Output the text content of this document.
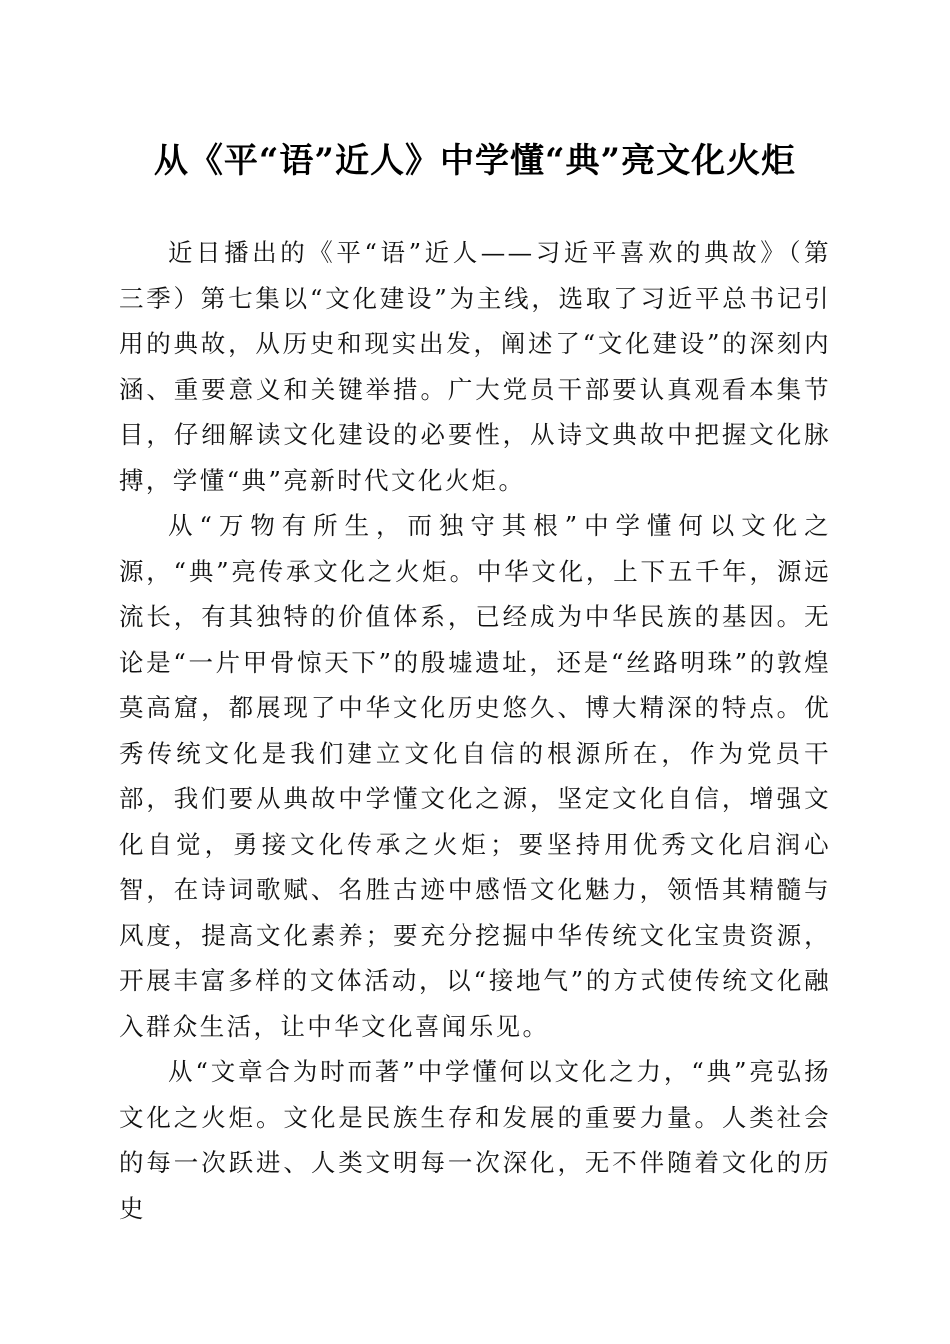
从《平“语”近人》中学懂“典”亮文化火炬

近日播出的《平“语”近人——习近平喜欢的典故》（第三季）第七集以“文化建设”为主线，选取了习近平总书记引用的典故，从历史和现实出发，阐述了“文化建设”的深刻内涵、重要意义和关键举措。广大党员干部要认真观看本集节目，仔细解读文化建设的必要性，从诗文典故中把握文化脉搏，学懂“典”亮新时代文化火炬。

从“万物有所生，而独守其根”中学懂何以文化之源，“典”亮传承文化之火炬。中华文化，上下五千年，源远流长，有其独特的价值体系，已经成为中华民族的基因。无论是“一片甲骨惊天下”的殷墟遗址，还是“丝路明珠”的敦煌莫高窟，都展现了中华文化历史悠久、博大精深的特点。优秀传统文化是我们建立文化自信的根源所在，作为党员干部，我们要从典故中学懂文化之源，坚定文化自信，增强文化自觉，勇接文化传承之火炬；要坚持用优秀文化启润心智，在诗词歌赋、名胜古迹中感悟文化魅力，领悟其精髓与风度，提高文化素养；要充分挖掘中华传统文化宝贵资源，开展丰富多样的文体活动，以“接地气”的方式使传统文化融入群众生活，让中华文化喜闻乐见。

从“文章合为时而著”中学懂何以文化之力，“典”亮弘扬文化之火炬。文化是民族生存和发展的重要力量。人类社会的每一次跃进、人类文明每一次深化，无不伴随着文化的历史
